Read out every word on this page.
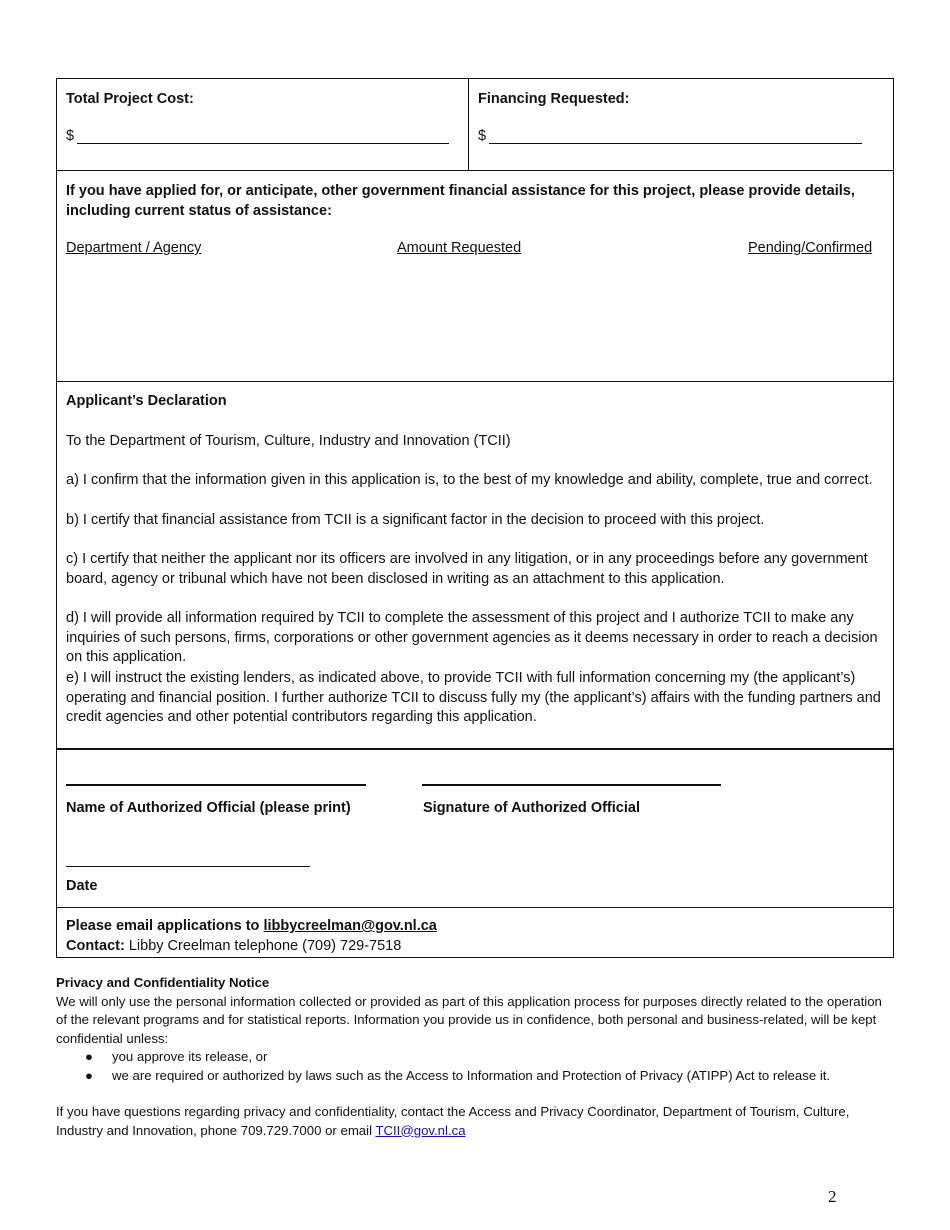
Total Project Cost:
$
Financing Requested:
$
If you have applied for, or anticipate, other government financial assistance for this project, please provide details, including current status of assistance:
Department / Agency	Amount Requested	Pending/Confirmed
Applicant’s Declaration
To the Department of Tourism, Culture, Industry and Innovation (TCII)
a) I confirm that the information given in this application is, to the best of my knowledge and ability, complete, true and correct.
b) I certify that financial assistance from TCII is a significant factor in the decision to proceed with this project.
c) I certify that neither the applicant nor its officers are involved in any litigation, or in any proceedings before any government board, agency or tribunal which have not been disclosed in writing as an attachment to this application.
d) I will provide all information required by TCII to complete the assessment of this project and I authorize TCII to make any inquiries of such persons, firms, corporations or other government agencies as it deems necessary in order to reach a decision on this application.
e) I will instruct the existing lenders, as indicated above, to provide TCII with full information concerning my (the applicant’s) operating and financial position. I further authorize TCII to discuss fully my (the applicant’s) affairs with the funding partners and credit agencies and other potential contributors regarding this application.
Name of Authorized Official (please print)	Signature of Authorized Official
Date
Please email applications to libbycreelman@gov.nl.ca
Contact: Libby Creelman telephone (709) 729-7518
Privacy and Confidentiality Notice
We will only use the personal information collected or provided as part of this application process for purposes directly related to the operation of the relevant programs and for statistical reports. Information you provide us in confidence, both personal and business-related, will be kept confidential unless:
● you approve its release, or
● we are required or authorized by laws such as the Access to Information and Protection of Privacy (ATIPP) Act to release it.
If you have questions regarding privacy and confidentiality, contact the Access and Privacy Coordinator, Department of Tourism, Culture, Industry and Innovation, phone 709.729.7000 or email TCII@gov.nl.ca
2
